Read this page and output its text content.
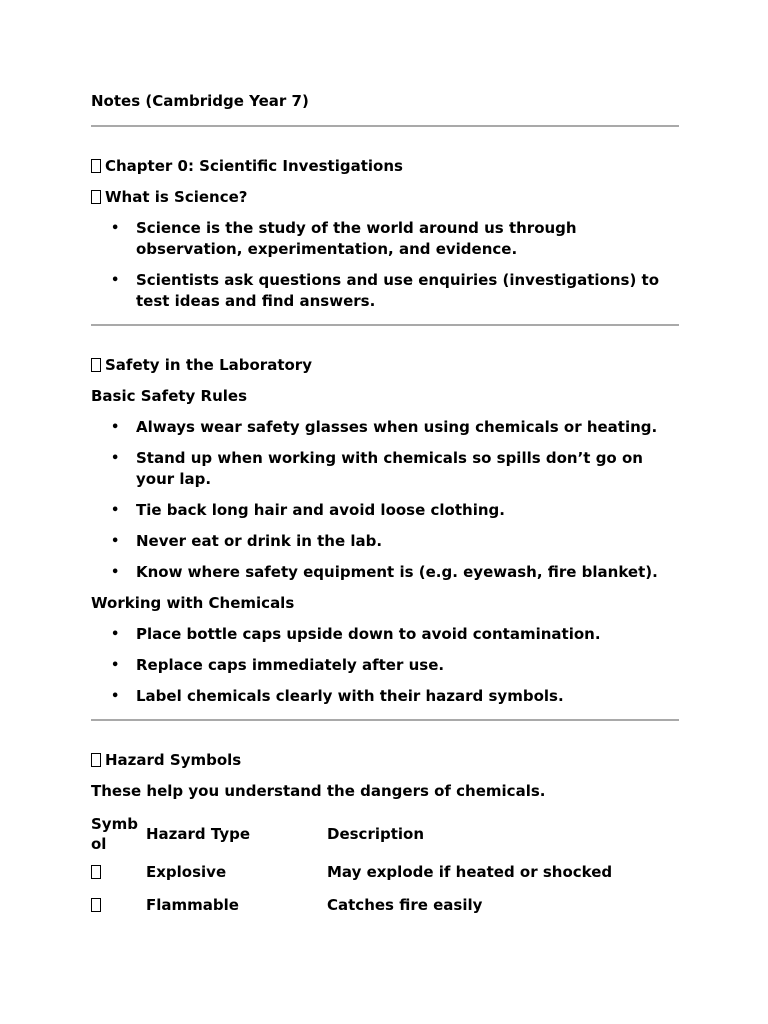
Notes (Cambridge Year 7)

Chapter 0: Scientific Investigations
What is Science?
• Science is the study of the world around us through observation, experimentation, and evidence.
• Scientists ask questions and use enquiries (investigations) to test ideas and find answers.
Safety in the Laboratory

Basic Safety Rules

• Always wear safety glasses when using chemicals or heating.
• Stand up when working with chemicals so spills don’t go on your lap.
• Tie back long hair and avoid loose clothing.
• Never eat or drink in the lab.
• Know where safety equipment is (e.g. eyewash, fire blanket).

Working with Chemicals

• Place bottle caps upside down to avoid contamination.
• Replace caps immediately after use.
• Label chemicals clearly with their hazard symbols.
Hazard Symbols

These help you understand the dangers of chemicals.

Symbol	Hazard Type	Description
	Explosive	May explode if heated or shocked
	Flammable	Catches fire easily
